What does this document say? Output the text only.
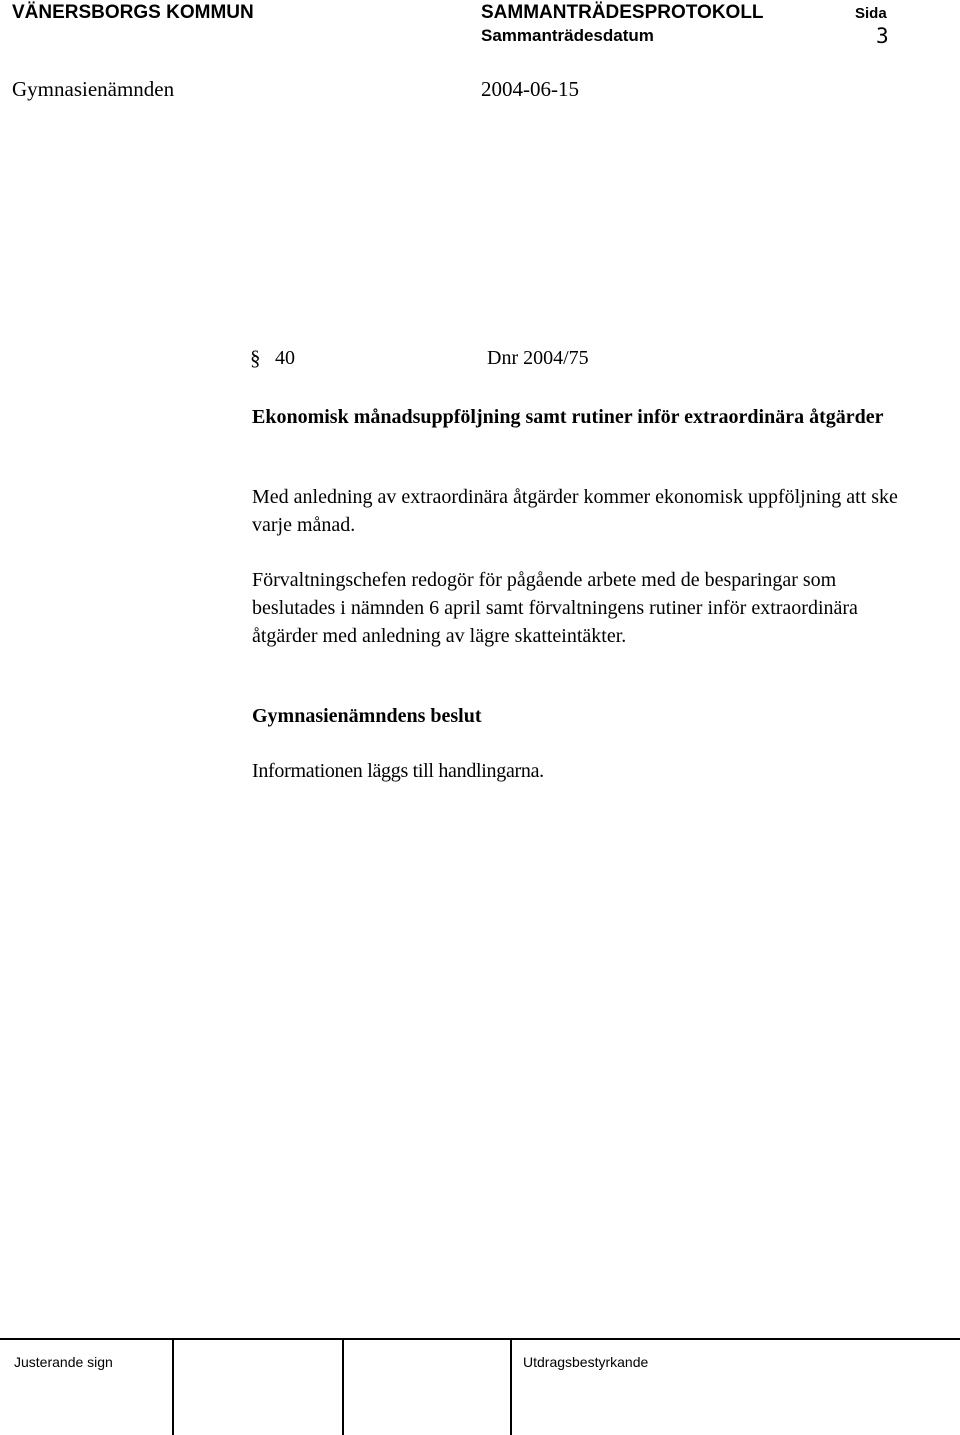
VÄNERSBORGS KOMMUN	SAMMANTRÄDESPROTOKOLL	Sida
Sammanträdesdatum	3
Gymnasienämnden	2004-06-15
§ 40	Dnr 2004/75
Ekonomisk månadsuppföljning samt rutiner inför extraordinära åtgärder
Med anledning av extraordinära åtgärder kommer ekonomisk uppföljning att ske varje månad.
Förvaltningschefen redogör för pågående arbete med de besparingar som beslutades i nämnden 6 april samt förvaltningens rutiner inför extraordinära åtgärder med anledning av lägre skatteintäkter.
Gymnasienämndens beslut
Informationen läggs till handlingarna.
Justerande sign	Utdragsbestyrkande
